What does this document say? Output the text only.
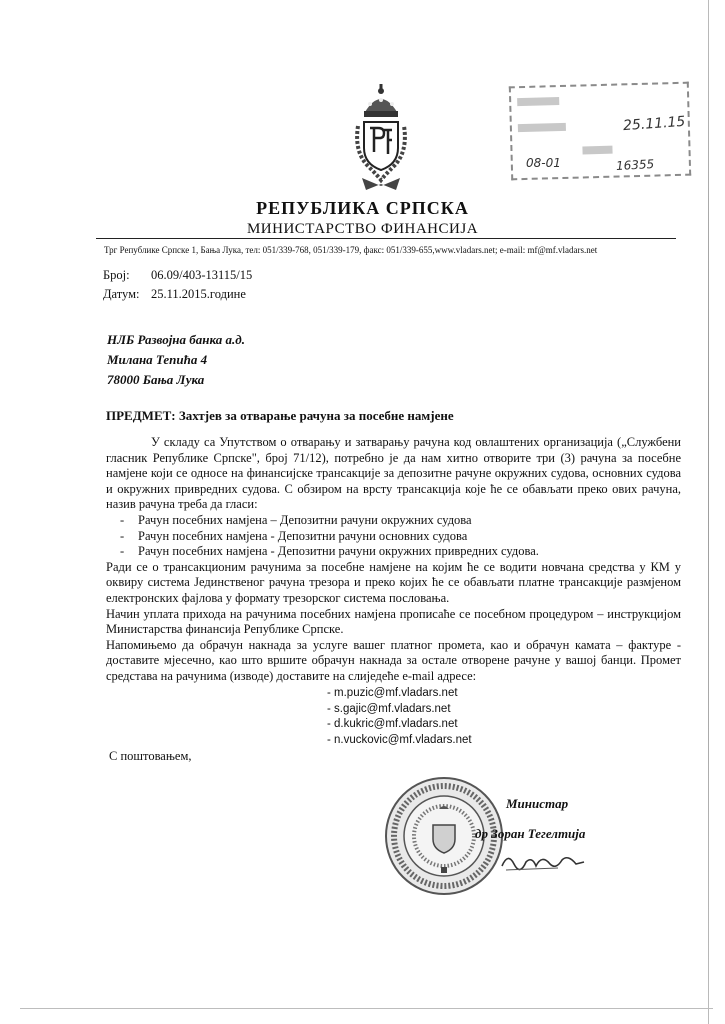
25.11.15
08-01	16355
РЕПУБЛИКА СРПСКА
МИНИСТАРСТВО ФИНАНСИЈА
Трг Републике Српске 1, Бања Лука, тел: 051/339-768, 051/339-179, факс: 051/339-655,www.vladars.net; e-mail: mf@mf.vladars.net
Број: 06.09/403-13115/15
Датум: 25.11.2015.године
НЛБ Развојна банка а.д.
Милана Тепића 4
78000 Бања Лука
ПРЕДМЕТ: Захтјев за отварање рачуна за посебне намјене

У складу са Упутством о отварању и затварању рачуна код овлаштених организација („Службени гласник Републике Српске", број 71/12), потребно је да нам хитно отворите три (3) рачуна за посебне намјене који се односе на финансијске трансакције за депозитне рачуне окружних судова, основних судова и окружних привредних судова. С обзиром на врсту трансакција које ће се обављати преко ових рачуна, назив рачуна треба да гласи:

- Рачун посебних намјена – Депозитни рачуни окружних судова
- Рачун посебних намјена - Депозитни рачуни основних судова
- Рачун посебних намјена - Депозитни рачуни окружних привредних судова.

Ради се о трансакционим рачунима за посебне намјене на којим ће се водити новчана средства у КМ у оквиру система Јединственог рачуна трезора и преко којих ће се обављати платне трансакције размјеном електронских фајлова у формату трезорског система пословања.

Начин уплата прихода на рачунима посебних намјена прописаће се посебном процедуром – инструкцијом Министарства финансија Републике Српске.

Напомињемо да обрачун накнада за услуге вашег платног промета, као и обрачун камата – фактуре - доставите мјесечно, као што вршите обрачун накнада за остале отворене рачуне у вашој банци. Промет средстава на рачунима (изводе) доставите на слиједеће e-mail адресе:

- m.puzic@mf.vladars.net
- s.gajic@mf.vladars.net
- d.kukric@mf.vladars.net
- n.vuckovic@mf.vladars.net
С поштовањем,
Министар
др Зоран Тегелтија
